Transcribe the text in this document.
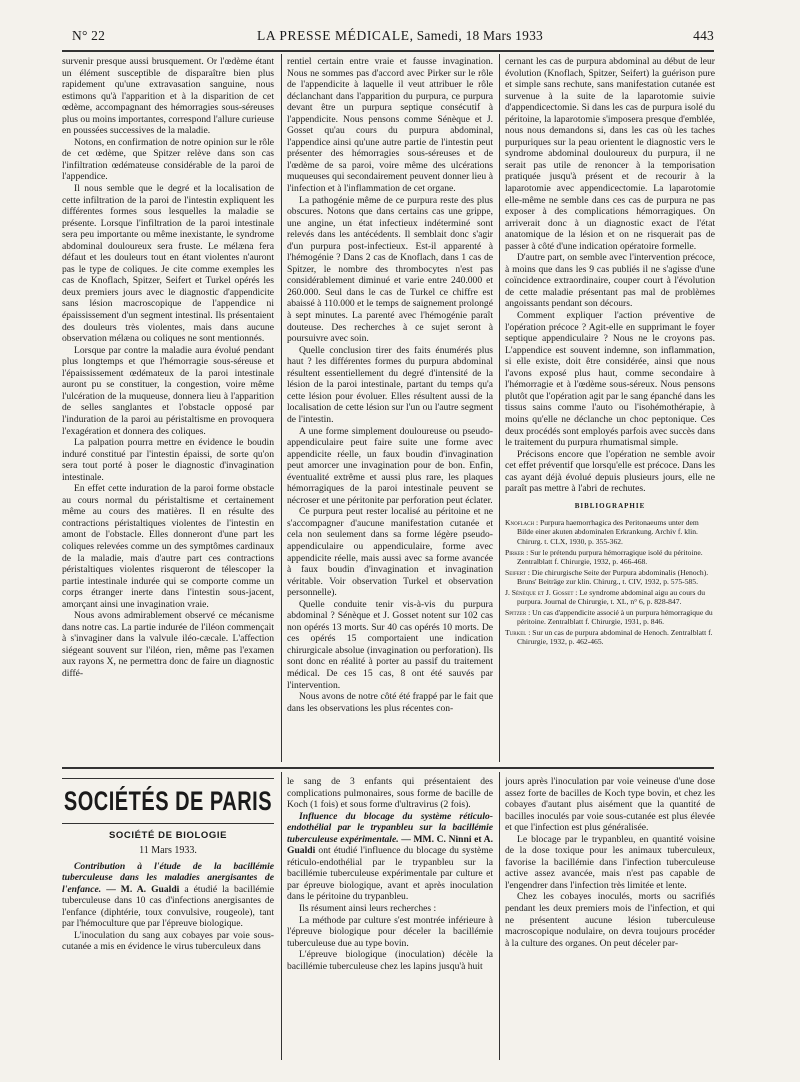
N° 22	LA PRESSE MÉDICALE, Samedi, 18 Mars 1933	443

survenir presque aussi brusquement. Or l'œdème étant un élément susceptible de disparaître bien plus rapidement qu'une extravasation sanguine, nous estimons qu'à l'apparition et à la disparition de cet œdème, accompagnant des hémorragies sous-séreuses plus ou moins importantes, correspond l'allure curieuse en poussées successives de la maladie.

Notons, en confirmation de notre opinion sur le rôle de cet œdème, que Spitzer relève dans son cas l'infiltration œdémateuse considérable de la paroi de l'appendice.

Il nous semble que le degré et la localisation de cette infiltration de la paroi de l'intestin expliquent les différentes formes sous lesquelles la maladie se présente. Lorsque l'infiltration de la paroi intestinale sera peu importante ou même inexistante, le syndrome abdominal douloureux sera fruste. Le mélæna fera défaut et les douleurs tout en étant violentes n'auront pas le type de coliques. Je cite comme exemples les cas de Knoflach, Spitzer, Seifert et Turkel opérés les deux premiers jours avec le diagnostic d'appendicite sans lésion macroscopique de l'appendice ni épaississement d'un segment intestinal. Ils présentaient des douleurs très violentes, mais dans aucune observation mélæna ou coliques ne sont mentionnés.

Lorsque par contre la maladie aura évolué pendant plus longtemps et que l'hémorragie sous-séreuse et l'épaississement œdémateux de la paroi intestinale auront pu se constituer, la congestion, voire même l'ulcération de la muqueuse, donnera lieu à l'apparition de selles sanglantes et l'obstacle opposé par l'induration de la paroi au péristaltisme en provoquera l'exagération et donnera des coliques.

La palpation pourra mettre en évidence le boudin induré constitué par l'intestin épaissi, de sorte qu'on sera tout porté à poser le diagnostic d'invagination intestinale.

En effet cette induration de la paroi forme obstacle au cours normal du péristaltisme et certainement même au cours des matières. Il en résulte des contractions péristaltiques violentes de l'intestin en amont de l'obstacle. Elles donneront d'une part les coliques relevées comme un des symptômes cardinaux de la maladie, mais d'autre part ces contractions péristaltiques violentes risqueront de télescoper la partie intestinale indurée qui se comporte comme un corps étranger inerte dans l'intestin sous-jacent, amorçant ainsi une invagination vraie.

Nous avons admirablement observé ce mécanisme dans notre cas. La partie indurée de l'iléon commençait à s'invaginer dans la valvule iléo-cæcale. L'affection siégeant souvent sur l'iléon, rien, même pas l'examen aux rayons X, ne permettra donc de faire un diagnostic diffé-

rentiel certain entre vraie et fausse invagination. Nous ne sommes pas d'accord avec Pirker sur le rôle de l'appendicite à laquelle il veut attribuer le rôle déclanchant dans l'apparition du purpura, ce purpura devant être un purpura septique consécutif à l'appendicite. Nous pensons comme Sénèque et J. Gosset qu'au cours du purpura abdominal, l'appendice ainsi qu'une autre partie de l'intestin peut présenter des hémorragies sous-séreuses et de l'œdème de sa paroi, voire même des ulcérations muqueuses qui secondairement peuvent donner lieu à l'infection et à l'inflammation de cet organe.

La pathogénie même de ce purpura reste des plus obscures. Notons que dans certains cas une grippe, une angine, un état infectieux indéterminé sont relevés dans les antécédents. Il semblait donc s'agir d'un purpura post-infectieux. Est-il apparenté à l'hémogénie ? Dans 2 cas de Knoflach, dans 1 cas de Spitzer, le nombre des thrombocytes n'est pas considérablement diminué et varie entre 240.000 et 260.000. Seul dans le cas de Turkel ce chiffre est abaissé à 110.000 et le temps de saignement prolongé à sept minutes. La parenté avec l'hémogénie paraît douteuse. Des recherches à ce sujet seront à poursuivre avec soin.

Quelle conclusion tirer des faits énumérés plus haut ? les différentes formes du purpura abdominal résultent essentiellement du degré d'intensité de la lésion de la paroi intestinale, partant du temps qu'a cette lésion pour évoluer. Elles résultent aussi de la localisation de cette lésion sur l'un ou l'autre segment de l'intestin.

A une forme simplement douloureuse ou pseudo-appendiculaire peut faire suite une forme avec appendicite réelle, un faux boudin d'invagination peut amorcer une invagination pour de bon. Enfin, éventualité extrême et aussi plus rare, les plaques hémorragiques de la paroi intestinale peuvent se nécroser et une péritonite par perforation peut éclater.

Ce purpura peut rester localisé au péritoine et ne s'accompagner d'aucune manifestation cutanée et cela non seulement dans sa forme légère pseudo-appendiculaire ou appendiculaire, forme avec appendicite réelle, mais aussi avec sa forme avancée à faux boudin d'invagination et invagination véritable. Voir observation Turkel et observation personnelle).

Quelle conduite tenir vis-à-vis du purpura abdominal ? Sénèque et J. Gosset notent sur 102 cas non opérés 13 morts. Sur 40 cas opérés 10 morts. De ces opérés 15 comportaient une indication chirurgicale absolue (invagination ou perforation). Ils sont donc en réalité à porter au passif du traitement médical. De ces 15 cas, 8 ont été sauvés par l'intervention.

Nous avons de notre côté été frappé par le fait que dans les observations les plus récentes con-

cernant les cas de purpura abdominal au début de leur évolution (Knoflach, Spitzer, Seifert) la guérison pure et simple sans rechute, sans manifestation cutanée est survenue à la suite de la laparotomie suivie d'appendicectomie. Si dans les cas de purpura isolé du péritoine, la laparotomie s'imposera presque d'emblée, nous nous demandons si, dans les cas où les taches purpuriques sur la peau orientent le diagnostic vers le syndrome abdominal douloureux du purpura, il ne serait pas utile de renoncer à la temporisation pratiquée jusqu'à présent et de recourir à la laparotomie avec appendicectomie. La laparotomie elle-même ne semble dans ces cas de purpura ne pas exposer à des complications hémorragiques. On arriverait donc à un diagnostic exact de l'état anatomique de la lésion et on ne risquerait pas de passer à côté d'une indication opératoire formelle.

D'autre part, on semble avec l'intervention précoce, à moins que dans les 9 cas publiés il ne s'agisse d'une coïncidence extraordinaire, couper court à l'évolution de cette maladie présentant pas mal de problèmes angoissants pendant son décours.

Comment expliquer l'action préventive de l'opération précoce ? Agit-elle en supprimant le foyer septique appendiculaire ? Nous ne le croyons pas. L'appendice est souvent indemne, son inflammation, si elle existe, doit être considérée, ainsi que nous l'avons exposé plus haut, comme secondaire à l'hémorragie et à l'œdème sous-séreux. Nous pensons plutôt que l'opération agit par le sang épanché dans les tissus sains comme l'auto ou l'isohémothérapie, à moins qu'elle ne déclanche un choc peptonique. Ces deux procédés sont employés parfois avec succès dans le traitement du purpura rhumatismal simple.

Précisons encore que l'opération ne semble avoir cet effet préventif que lorsqu'elle est précoce. Dans les cas ayant déjà évolué depuis plusieurs jours, elle ne paraît pas mettre à l'abri de rechutes.

BIBLIOGRAPHIE
Knoflach : Purpura haemorrhagica des Peritonaeums unter dem Bilde einer akuten abdominalen Erkrankung. Archiv f. klin. Chirurg. t. CLX, 1930, p. 355-362.
Pirker : Sur le prétendu purpura hémorragique isolé du péritoine. Zentralblatt f. Chirurgie, 1932, p. 466-468.
Seifert : Die chirurgische Seite der Purpura abdominalis (Henoch). Bruns' Beiträge zur klin. Chirurg., t. CIV, 1932, p. 575-585.
J. Sénèque et J. Gosset : Le syndrome abdominal aigu au cours du purpura. Journal de Chirurgie, t. XL, n° 6, p. 828-847.
Spitzer : Un cas d'appendicite associé à un purpura hémorragique du péritoine. Zentralblatt f. Chirurgie, 1931, p. 846.
Turkel : Sur un cas de purpura abdominal de Henoch. Zentralblatt f. Chirurgie, 1932, p. 462-465.
SOCIÉTÉS DE PARIS
SOCIÉTÉ DE BIOLOGIE
11 Mars 1933.

Contribution à l'étude de la bacillémie tuberculeuse dans les maladies anergisantes de l'enfance. — M. A. Gualdi a étudié la bacillémie tuberculeuse dans 10 cas d'infections anergisantes de l'enfance (diphtérie, toux convulsive, rougeole), tant par l'hémoculture que par l'épreuve biologique.

L'inoculation du sang aux cobayes par voie sous-cutanée a mis en évidence le virus tuberculeux dans

le sang de 3 enfants qui présentaient des complications pulmonaires, sous forme de bacille de Koch (1 fois) et sous forme d'ultravirus (2 fois).

Influence du blocage du système réticulo-endothélial par le trypanbleu sur la bacillémie tuberculeuse expérimentale. — MM. C. Ninni et A. Gualdi ont étudié l'influence du blocage du système réticulo-endothélial par le trypanbleu sur la bacillémie tuberculeuse expérimentale par culture et par épreuve biologique, avant et après inoculation dans le péritoine du trypanbleu.

Ils résument ainsi leurs recherches :

La méthode par culture s'est montrée inférieure à l'épreuve biologique pour déceler la bacillémie tuberculeuse due au type bovin.

L'épreuve biologique (inoculation) décèle la bacillémie tuberculeuse chez les lapins jusqu'à huit

jours après l'inoculation par voie veineuse d'une dose assez forte de bacilles de Koch type bovin, et chez les cobayes d'autant plus aisément que la quantité de bacilles inoculés par voie sous-cutanée est plus élevée et que l'infection est plus généralisée.

Le blocage par le trypanbleu, en quantité voisine de la dose toxique pour les animaux tuberculeux, favorise la bacillémie dans l'infection tuberculeuse active assez avancée, mais n'est pas capable de l'engendrer dans l'infection très limitée et lente.

Chez les cobayes inoculés, morts ou sacrifiés pendant les deux premiers mois de l'infection, et qui ne présentent aucune lésion tuberculeuse macroscopique nodulaire, on devra toujours procéder à la culture des organes. On peut déceler par-
